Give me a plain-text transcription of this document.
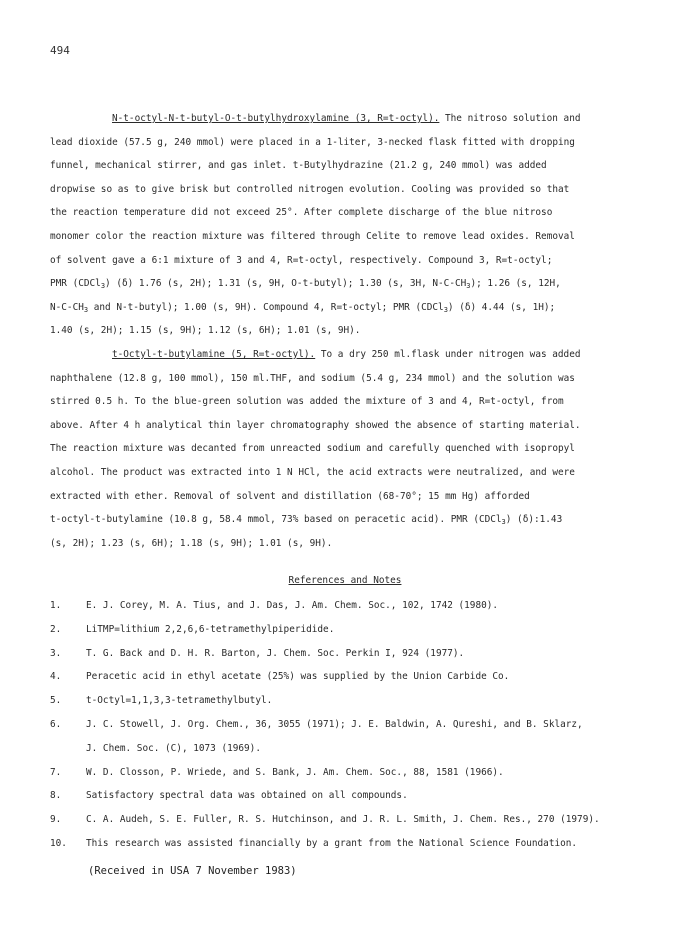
494
N-t-octyl-N-t-butyl-O-t-butylhydroxylamine (3, R=t-octyl). The nitroso solution and
lead dioxide (57.5 g, 240 mmol) were placed in a 1-liter, 3-necked flask fitted with dropping
funnel, mechanical stirrer, and gas inlet. t-Butylhydrazine (21.2 g, 240 mmol) was added
dropwise so as to give brisk but controlled nitrogen evolution. Cooling was provided so that
the reaction temperature did not exceed 25°. After complete discharge of the blue nitroso
monomer color the reaction mixture was filtered through Celite to remove lead oxides. Removal
of solvent gave a 6:1 mixture of 3 and 4, R=t-octyl, respectively. Compound 3, R=t-octyl;
PMR (CDCl$_3$) (δ) 1.76 (s, 2H); 1.31 (s, 9H, O-t-butyl); 1.30 (s, 3H, $N-C-CH_3$); 1.26 (s, 12H,
$N-C-CH_3$ and N-t-butyl); 1.00 (s, 9H). Compound 4, R=t-octyl; PMR (CDCl$_3$) (δ) 4.44 (s, 1H);
1.40 (s, 2H); 1.15 (s, 9H); 1.12 (s, 6H); 1.01 (s, 9H).
t-Octyl-t-butylamine (5, R=t-octyl). To a dry 250 ml.flask under nitrogen was added
naphthalene (12.8 g, 100 mmol), 150 ml.THF, and sodium (5.4 g, 234 mmol) and the solution was
stirred 0.5 h. To the blue-green solution was added the mixture of 3 and 4, R=t-octyl, from
above. After 4 h analytical thin layer chromatography showed the absence of starting material.
The reaction mixture was decanted from unreacted sodium and carefully quenched with isopropyl
alcohol. The product was extracted into 1 N HCl, the acid extracts were neutralized, and were
extracted with ether. Removal of solvent and distillation (68-70°; 15 mm Hg) afforded
t-octyl-t-butylamine (10.8 g, 58.4 mmol, 73% based on peracetic acid). PMR (CDCl$_3$) (δ):1.43
(s, 2H); 1.23 (s, 6H); 1.18 (s, 9H); 1.01 (s, 9H).
References and Notes
1.	E. J. Corey, M. A. Tius, and J. Das, J. Am. Chem. Soc., 102, 1742 (1980).
2.	LiTMP=lithium 2,2,6,6-tetramethylpiperidide.
3.	T. G. Back and D. H. R. Barton, J. Chem. Soc. Perkin I, 924 (1977).
4.	Peracetic acid in ethyl acetate (25%) was supplied by the Union Carbide Co.
5.	t-Octyl=1,1,3,3-tetramethylbutyl.
6.	J. C. Stowell, J. Org. Chem., 36, 3055 (1971); J. E. Baldwin, A. Qureshi, and B. Sklarz,
J. Chem. Soc. (C), 1073 (1969).
7.	W. D. Closson, P. Wriede, and S. Bank, J. Am. Chem. Soc., 88, 1581 (1966).
8.	Satisfactory spectral data was obtained on all compounds.
9.	C. A. Audeh, S. E. Fuller, R. S. Hutchinson, and J. R. L. Smith, J. Chem. Res., 270 (1979).
10. This research was assisted financially by a grant from the National Science Foundation.
(Received in USA 7 November 1983)
